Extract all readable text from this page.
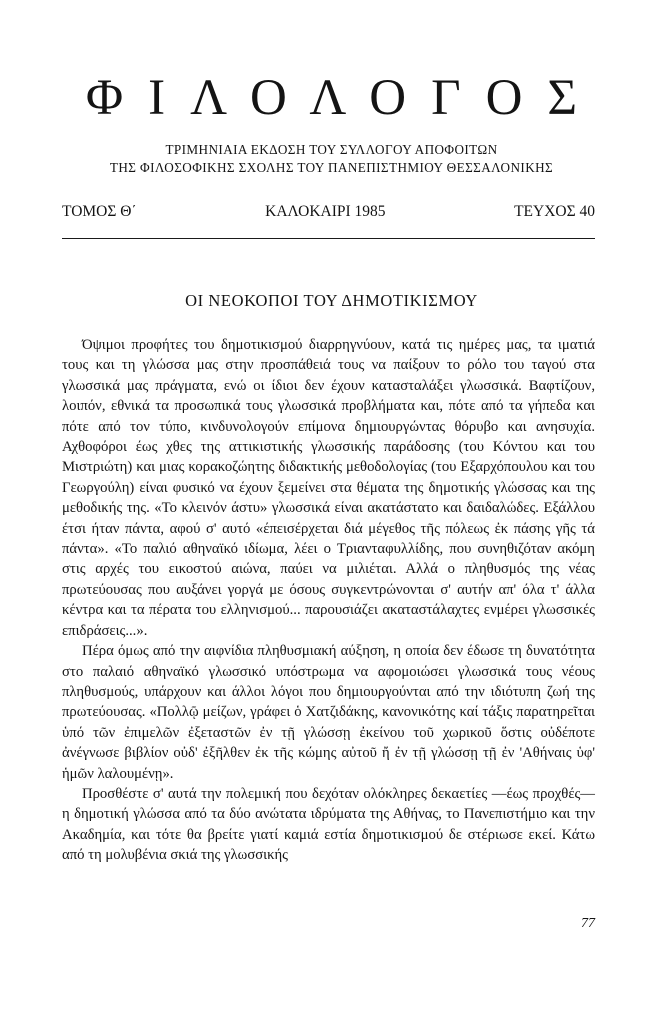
ΦΙΛΟΛΟΓΟΣ
ΤΡΙΜΗΝΙΑΙΑ ΕΚΔΟΣΗ ΤΟΥ ΣΥΛΛΟΓΟΥ ΑΠΟΦΟΙΤΩΝ
ΤΗΣ ΦΙΛΟΣΟΦΙΚΗΣ ΣΧΟΛΗΣ ΤΟΥ ΠΑΝΕΠΙΣΤΗΜΙΟΥ ΘΕΣΣΑΛΟΝΙΚΗΣ
ΤΟΜΟΣ Θ΄	ΚΑΛΟΚΑΙΡΙ 1985	ΤΕΥΧΟΣ 40
ΟΙ ΝΕΟΚΟΠΟΙ ΤΟΥ ΔΗΜΟΤΙΚΙΣΜΟΥ

Όψιμοι προφήτες του δημοτικισμού διαρρηγνύουν, κατά τις ημέρες μας, τα ιματιά τους και τη γλώσσα μας στην προσπάθειά τους να παίξουν το ρόλο του ταγού στα γλωσσικά μας πράγματα, ενώ οι ίδιοι δεν έχουν κατασταλάξει γλωσσικά. Βαφτίζουν, λοιπόν, εθνικά τα προσωπικά τους γλωσσικά προβλήματα και, πότε από τα γήπεδα και πότε από τον τύπο, κινδυνολογούν επίμονα δημιουργώντας θόρυβο και ανησυχία. Αχθοφόροι έως χθες της αττικιστικής γλωσσικής παράδοσης (του Κόντου και του Μιστριώτη) και μιας κορακοζώητης διδακτικής μεθοδολογίας (του Εξαρχόπουλου και του Γεωργούλη) είναι φυσικό να έχουν ξεμείνει στα θέματα της δημοτικής γλώσσας και της μεθοδικής της. «Το κλεινόν άστυ» γλωσσικά είναι ακατάστατο και δαιδαλώδες. Εξάλλου έτσι ήταν πάντα, αφού σ' αυτό «έπεισέρχεται διά μέγεθος τῆς πόλεως ἐκ πάσης γῆς τά πάντα». «Το παλιό αθηναϊκό ιδίωμα, λέει ο Τριανταφυλλίδης, που συνηθιζόταν ακόμη στις αρχές του εικοστού αιώνα, παύει να μιλιέται. Αλλά ο πληθυσμός της νέας πρωτεύουσας που αυξάνει γοργά με όσους συγκεντρώνονται σ' αυτήν απ' όλα τ' άλλα κέντρα και τα πέρατα του ελληνισμού... παρουσιάζει ακαταστάλαχτες ενμέρει γλωσσικές επιδράσεις...».

Πέρα όμως από την αιφνίδια πληθυσμιακή αύξηση, η οποία δεν έδωσε τη δυνατότητα στο παλαιό αθηναϊκό γλωσσικό υπόστρωμα να αφομοιώσει γλωσσικά τους νέους πληθυσμούς, υπάρχουν και άλλοι λόγοι που δημιουργούνται από την ιδιότυπη ζωή της πρωτεύουσας. «Πολλῷ μείζων, γράφει ὁ Χατζιδάκης, κανονικότης καί τάξις παρατηρεῖται ὑπό τῶν ἐπιμελῶν ἐξεταστῶν ἐν τῇ γλώσσῃ ἐκείνου τοῦ χωρικοῦ ὅστις οὐδέποτε ἀνέγνωσε βιβλίον οὐδ' ἐξῆλθεν ἐκ τῆς κώμης αὐτοῦ ἤ ἐν τῇ γλώσσῃ τῇ ἐν 'Αθήναις ὑφ' ἡμῶν λαλουμένῃ».

Προσθέστε σ' αυτά την πολεμική που δεχόταν ολόκληρες δεκαετίες —έως προχθές— η δημοτική γλώσσα από τα δύο ανώτατα ιδρύματα της Αθήνας, το Πανεπιστήμιο και την Ακαδημία, και τότε θα βρείτε γιατί καμιά εστία δημοτικισμού δε στέριωσε εκεί. Κάτω από τη μολυβένια σκιά της γλωσσικής

77
